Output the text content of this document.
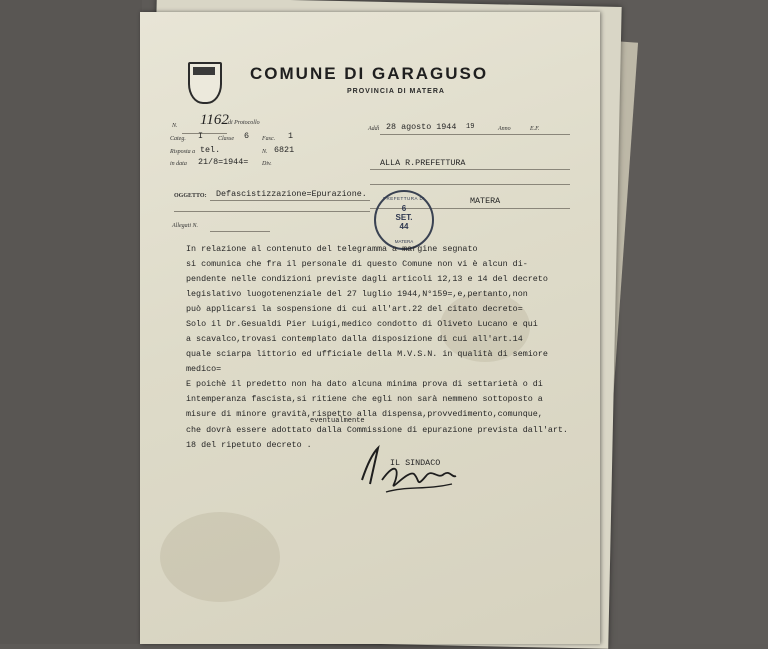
COMUNE DI GARAGUSO
PROVINCIA DI MATERA
N. 1162 di Protocollo
Categ. I Classe 6 Fasc. 1
Risposta a tel.	N. 6821
in data 21/8=1944= Div.
Addì 28 agosto 1944 19	Anno	E.F.
ALLA R.PREFETTURA
MATERA
OGGETTO: Defascistizzazione=Epurazione.
Allegati N.
PREFETTURA DI
6
SET.
44
MATERA
In relazione al contenuto del telegramma a margine segnato
si comunica che fra il personale di questo Comune non vi è alcun di-
pendente nelle condizioni previste dagli articoli 12,13 e 14 del decreto
legislativo luogotenenziale del 27 luglio 1944,N°159=,e,pertanto,non
può applicarsi la sospensione di cui all'art.22 del citato decreto=
Solo il Dr.Gesualdi Pier Luigi,medico condotto di Oliveto Lucano e qui
a scavalco,trovasi contemplato dalla disposizione di cui all'art.14
quale sciarpa littorio ed ufficiale della M.V.S.N. in qualità di semiore
medico=
E poichè il predetto non ha dato alcuna minima prova di settarietà o di
intemperanza fascista,si ritiene che egli non sarà nemmeno sottoposto a
misure di minore gravità,rispetto alla dispensa,provvedimento,comunque,
eventualmente
che dovrà essere adottato dalla Commissione di epurazione prevista dall'art.
18 del ripetuto decreto .
IL SINDACO
